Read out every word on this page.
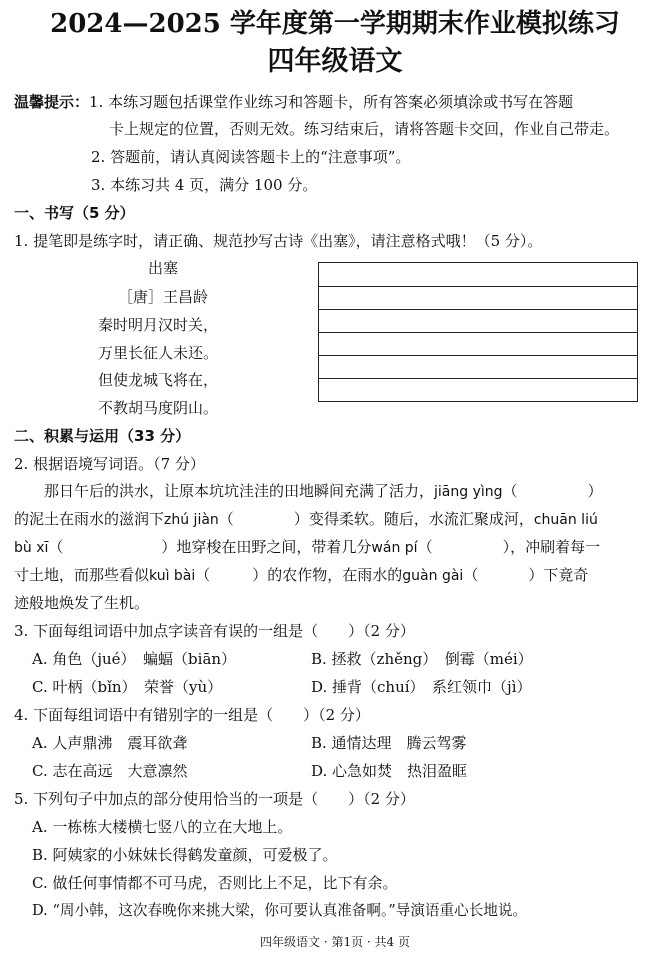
2024—2025 学年度第一学期期末作业模拟练习
四年级语文
温馨提示：1. 本练习题包括课堂作业练习和答题卡，所有答案必须填涂或书写在答题
卡上规定的位置，否则无效。练习结束后，请将答题卡交回，作业自己带走。
2. 答题前，请认真阅读答题卡上的“注意事项”。
3. 本练习共 4 页，满分 100 分。
一、书写（5 分）
1. 提笔即是练字时，请正确、规范抄写古诗《出塞》，请注意格式哦！（5 分）。
出塞
［唐］王昌龄
秦时明月汉时关，
万里长征人未还。
但使龙城飞将在，
不教胡马度阴山。
二、积累与运用（33 分）
2. 根据语境写词语。（7 分）
那日午后的洪水，让原本坑坑洼洼的田地瞬间充满了活力，jiāng yìng（	）
的泥土在雨水的滋润下zhú jiàn（	）变得柔软。随后，水流汇聚成河，chuān liú
bù xī（	）地穿梭在田野之间，带着几分wán pí（	），冲刷着每一
寸土地，而那些看似kuì bài（	）的农作物，在雨水的guàn gài（	）下竟奇
迹般地焕发了生机。
3. 下面每组词语中加点字读音有误的一组是（　　）（2 分）
A. 角色（jué）　蝙蝠（biān）	B. 拯救（zhěng）　倒霉（méi）
C. 叶柄（bǐn）　荣誉（yù）	D. 捶背（chuí）　系红领巾（jì）
4. 下面每组词语中有错别字的一组是（　　）（2 分）
A. 人声鼎沸　震耳欲聋	B. 通情达理　腾云驾雾
C. 志在高远　大意凛然	D. 心急如焚　热泪盈眶
5. 下列句子中加点的部分使用恰当的一项是（　　）（2 分）
A. 一栋栋大楼横七竖八的立在大地上。
B. 阿姨家的小妹妹长得鹤发童颜，可爱极了。
C. 做任何事情都不可马虎，否则比上不足，比下有余。
D. “周小韩，这次春晚你来挑大梁，你可要认真准备啊。”导演语重心长地说。
四年级语文 · 第1页 · 共4 页
